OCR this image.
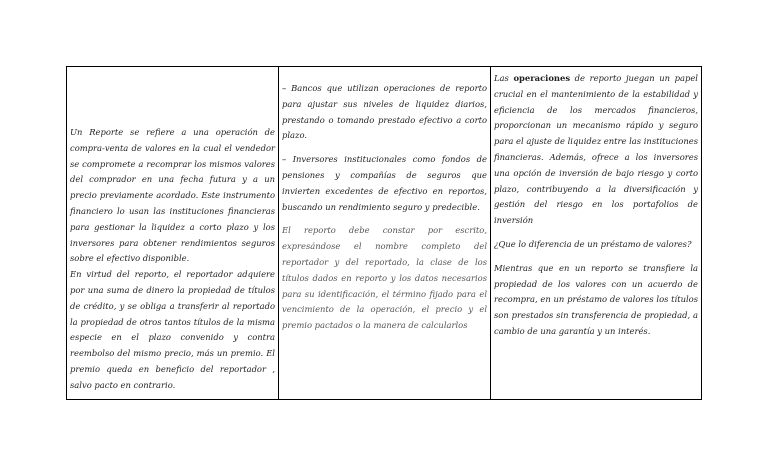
Un Reporte se refiere a una operación de compra-venta de valores en la cual el vendedor se compromete a recomprar los mismos valores del comprador en una fecha futura y a un precio previamente acordado. Este instrumento financiero lo usan las instituciones financieras para gestionar la liquidez a corto plazo y los inversores para obtener rendimientos seguros sobre el efectivo disponible.

En virtud del reporto, el reportador adquiere por una suma de dinero la propiedad de títulos de crédito, y se obliga a transferir al reportado la propiedad de otros tantos títulos de la misma especie en el plazo convenido y contra reembolso del mismo precio, más un premio. El premio queda en beneficio del reportador , salvo pacto en contrario.

– Bancos que utilizan operaciones de reporto para ajustar sus niveles de liquidez diarios, prestando o tomando prestado efectivo a corto plazo.

– Inversores institucionales como fondos de pensiones y compañías de seguros que invierten excedentes de efectivo en reportos, buscando un rendimiento seguro y predecible.

El reporto debe constar por escrito, expresándose el nombre completo del reportador y del reportado, la clase de los títulos dados en reporto y los datos necesarios para su identificación, el término fijado para el vencimiento de la operación, el precio y el premio pactados o la manera de calcularlos

Las operaciones de reporto juegan un papel crucial en el mantenimiento de la estabilidad y eficiencia de los mercados financieros, proporcionan un mecanismo rápido y seguro para el ajuste de liquidez entre las instituciones financieras. Además, ofrece a los inversores una opción de inversión de bajo riesgo y corto plazo, contribuyendo a la diversificación y gestión del riesgo en los portafolios de inversión

¿Que lo diferencia de un préstamo de valores?

Mientras que en un reporto se transfiere la propiedad de los valores con un acuerdo de recompra, en un préstamo de valores los títulos son prestados sin transferencia de propiedad, a cambio de una garantía y un interés.
